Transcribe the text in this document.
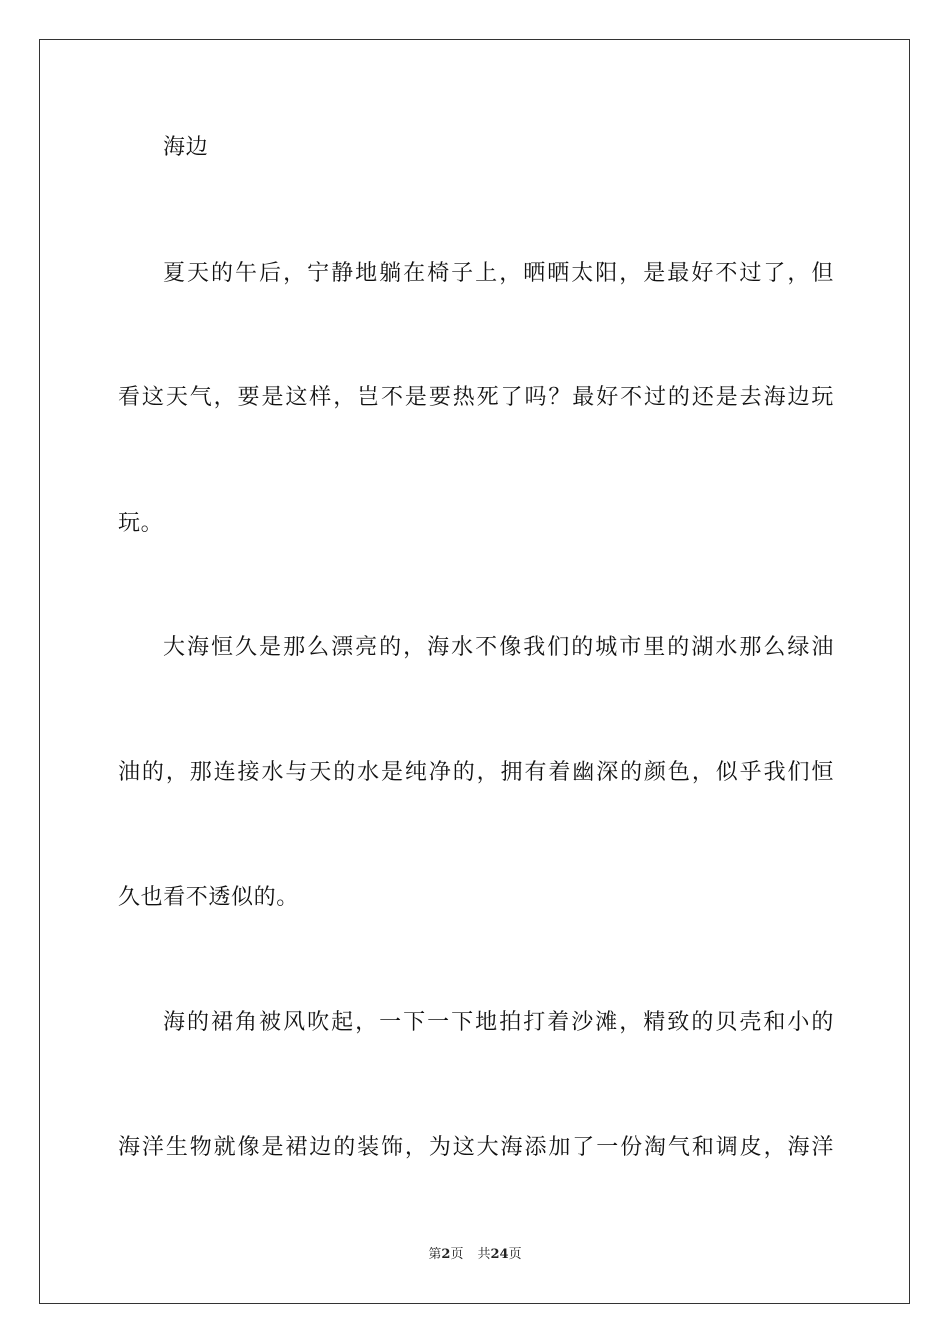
海边
夏天的午后，宁静地躺在椅子上，晒晒太阳，是最好不过了，但
看这天气，要是这样，岂不是要热死了吗？最好不过的还是去海边玩
玩。
大海恒久是那么漂亮的，海水不像我们的城市里的湖水那么绿油
油的，那连接水与天的水是纯净的，拥有着幽深的颜色，似乎我们恒
久也看不透似的。
海的裙角被风吹起，一下一下地拍打着沙滩，精致的贝壳和小的
海洋生物就像是裙边的装饰，为这大海添加了一份淘气和调皮，海洋
第2页 共24页
